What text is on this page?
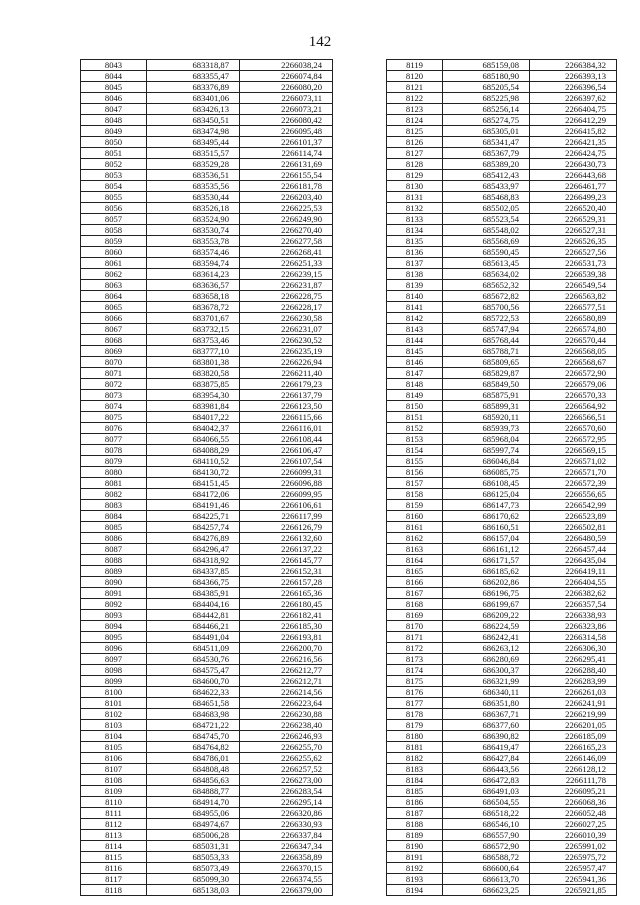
142
8043	683318,87	2266038,24
8044	683355,47	2266074,84
8045	683376,89	2266080,20
8046	683401,06	2266073,11
8047	683426,13	2266073,21
8048	683450,51	2266080,42
8049	683474,98	2266095,48
8050	683495,44	2266101,37
8051	683515,57	2266114,74
8052	683529,28	2266131,69
8053	683536,51	2266155,54
8054	683535,56	2266181,78
8055	683530,44	2266203,40
8056	683526,18	2266225,53
8057	683524,90	2266249,90
8058	683530,74	2266270,40
8059	683553,78	2266277,58
8060	683574,46	2266268,41
8061	683594,74	2266251,33
8062	683614,23	2266239,15
8063	683636,57	2266231,87
8064	683658,18	2266228,75
8065	683678,72	2266228,17
8066	683701,67	2266230,58
8067	683732,15	2266231,07
8068	683753,46	2266230,52
8069	683777,10	2266235,19
8070	683801,38	2266226,94
8071	683820,58	2266211,40
8072	683875,85	2266179,23
8073	683954,30	2266137,79
8074	683981,84	2266123,50
8075	684017,22	2266115,66
8076	684042,37	2266116,01
8077	684066,55	2266108,44
8078	684088,29	2266106,47
8079	684110,52	2266107,54
8080	684130,72	2266099,31
8081	684151,45	2266096,88
8082	684172,06	2266099,95
8083	684191,46	2266106,61
8084	684225,71	2266117,99
8085	684257,74	2266126,79
8086	684276,89	2266132,60
8087	684296,47	2266137,22
8088	684318,92	2266145,77
8089	684337,85	2266152,31
8090	684366,75	2266157,28
8091	684385,91	2266165,36
8092	684404,16	2266180,45
8093	684442,81	2266182,41
8094	684466,21	2266185,30
8095	684491,04	2266193,81
8096	684511,09	2266200,70
8097	684530,76	2266216,56
8098	684575,47	2266212,77
8099	684600,70	2266212,71
8100	684622,33	2266214,56
8101	684651,58	2266223,64
8102	684683,98	2266230,88
8103	684721,22	2266238,40
8104	684745,70	2266246,93
8105	684764,82	2266255,70
8106	684786,01	2266255,62
8107	684808,48	2266257,52
8108	684856,63	2266273,00
8109	684888,77	2266283,54
8110	684914,70	2266295,14
8111	684955,06	2266320,86
8112	684974,67	2266330,93
8113	685006,28	2266337,84
8114	685031,31	2266347,34
8115	685053,33	2266358,89
8116	685073,49	2266370,15
8117	685099,30	2266374,55
8118	685138,03	2266379,00
8119	685159,08	2266384,32
8120	685180,90	2266393,13
8121	685205,54	2266396,54
8122	685225,98	2266397,62
8123	685256,14	2266404,75
8124	685274,75	2266412,29
8125	685305,01	2266415,82
8126	685341,47	2266421,35
8127	685367,79	2266424,75
8128	685389,20	2266430,73
8129	685412,43	2266443,68
8130	685433,97	2266461,77
8131	685468,83	2266499,23
8132	685502,05	2266520,40
8133	685523,54	2266529,31
8134	685548,02	2266527,31
8135	685568,69	2266526,35
8136	685590,45	2266527,56
8137	685613,45	2266531,73
8138	685634,02	2266539,38
8139	685652,32	2266549,54
8140	685672,82	2266563,82
8141	685700,56	2266577,51
8142	685722,53	2266580,89
8143	685747,94	2266574,80
8144	685768,44	2266570,44
8145	685788,71	2266568,05
8146	685809,65	2266568,67
8147	685829,87	2266572,90
8148	685849,50	2266579,06
8149	685875,91	2266570,33
8150	685899,31	2266564,92
8151	685920,11	2266566,51
8152	685939,73	2266570,60
8153	685968,04	2266572,95
8154	685997,74	2266569,15
8155	686046,84	2266571,02
8156	686085,75	2266571,70
8157	686108,45	2266572,39
8158	686125,04	2266556,65
8159	686147,73	2266542,99
8160	686170,62	2266523,89
8161	686160,51	2266502,81
8162	686157,04	2266480,59
8163	686161,12	2266457,44
8164	686171,57	2266435,04
8165	686185,62	2266419,11
8166	686202,86	2266404,55
8167	686196,75	2266382,62
8168	686199,67	2266357,54
8169	686209,22	2266338,93
8170	686224,59	2266323,86
8171	686242,41	2266314,58
8172	686263,12	2266306,30
8173	686280,69	2266295,41
8174	686300,37	2266288,40
8175	686321,99	2266283,99
8176	686340,11	2266261,03
8177	686351,80	2266241,91
8178	686367,71	2266219,99
8179	686377,60	2266201,05
8180	686390,82	2266185,09
8181	686419,47	2266165,23
8182	686427,84	2266146,09
8183	686443,56	2266128,12
8184	686472,83	2266111,78
8185	686491,03	2266095,21
8186	686504,55	2266068,36
8187	686518,22	2266052,48
8188	686546,10	2266027,25
8189	686557,90	2266010,39
8190	686572,90	2265991,02
8191	686588,72	2265975,72
8192	686600,64	2265957,47
8193	686613,70	2265941,36
8194	686623,25	2265921,85
